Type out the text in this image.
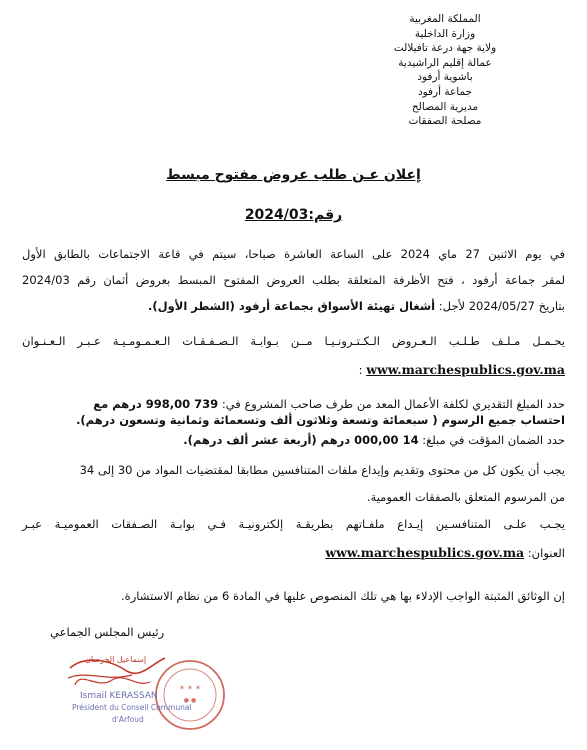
المملكة المغربية
وزارة الداخلية
ولاية جهة درعة تافيلالت
عمالة إقليم الراشيدية
باشوية أرفود
جماعة أرفود
مديرية المصالح
مصلحة الصفقات
إعلان عـن طلب عروض مفتوح مبسط
رقم:2024/03
في يوم الاثنين 27 ماي 2024 على الساعة العاشرة صباحا، سيتم في قاعة الاجتماعات بالطابق الأول
لمقر جماعة أرفود ، فتح الأظرفة المتعلقة بطلب العروض المفتوح المبسط بعروض أثمان رقم 2024/03
بتاريخ 2024/05/27 لأجل: أشغال تهيئة الأسواق بجماعة أرفود (الشطر الأول).
يحـمـل مـلـف طـلـب الـعـروض الـكـتـرونـيـا مــن بـوابـة الـصـفـقـات الـعـمـومـيـة عـبـر الـعـنـوان
www.marchespublics.gov.ma :
حدد المبلغ التقديري لكلفة الأعمال المعد من طرف صاحب المشروع في: 739 998,00 درهم مع
احتساب جميع الرسوم ( سبعمائة وتسعة وثلاثون ألف وتسعمائة وثمانية وتسعون درهم).
حدد الضمان المؤقت في مبلغ: 14 000,00 درهم (أربعة عشر ألف درهم).
يجب أن يكون كل من محتوى وتقديم وإيداع ملفات المتنافسين مطابقا لمقتضيات المواد من 30 إلى 34
من المرسوم المتعلق بالصفقات العمومية.
يجـب علـى المتنافسـين إيـداع ملفـاتهم بطريقـة إلكترونيـة فـي بوابـة الصـفقات العموميـة عبـر
العنوان: www.marchespublics.gov.ma
إن الوثائق المثبتة الواجب الإدلاء بها هي تلك المنصوص عليها في المادة 6 من نظام الاستشارة.
رئيس المجلس الجماعي
✶ ✶ ✶
● ●
Ismail KERASSAN
Président du Conseil Communal
d'Arfoud
إسماعيل الخرصان
